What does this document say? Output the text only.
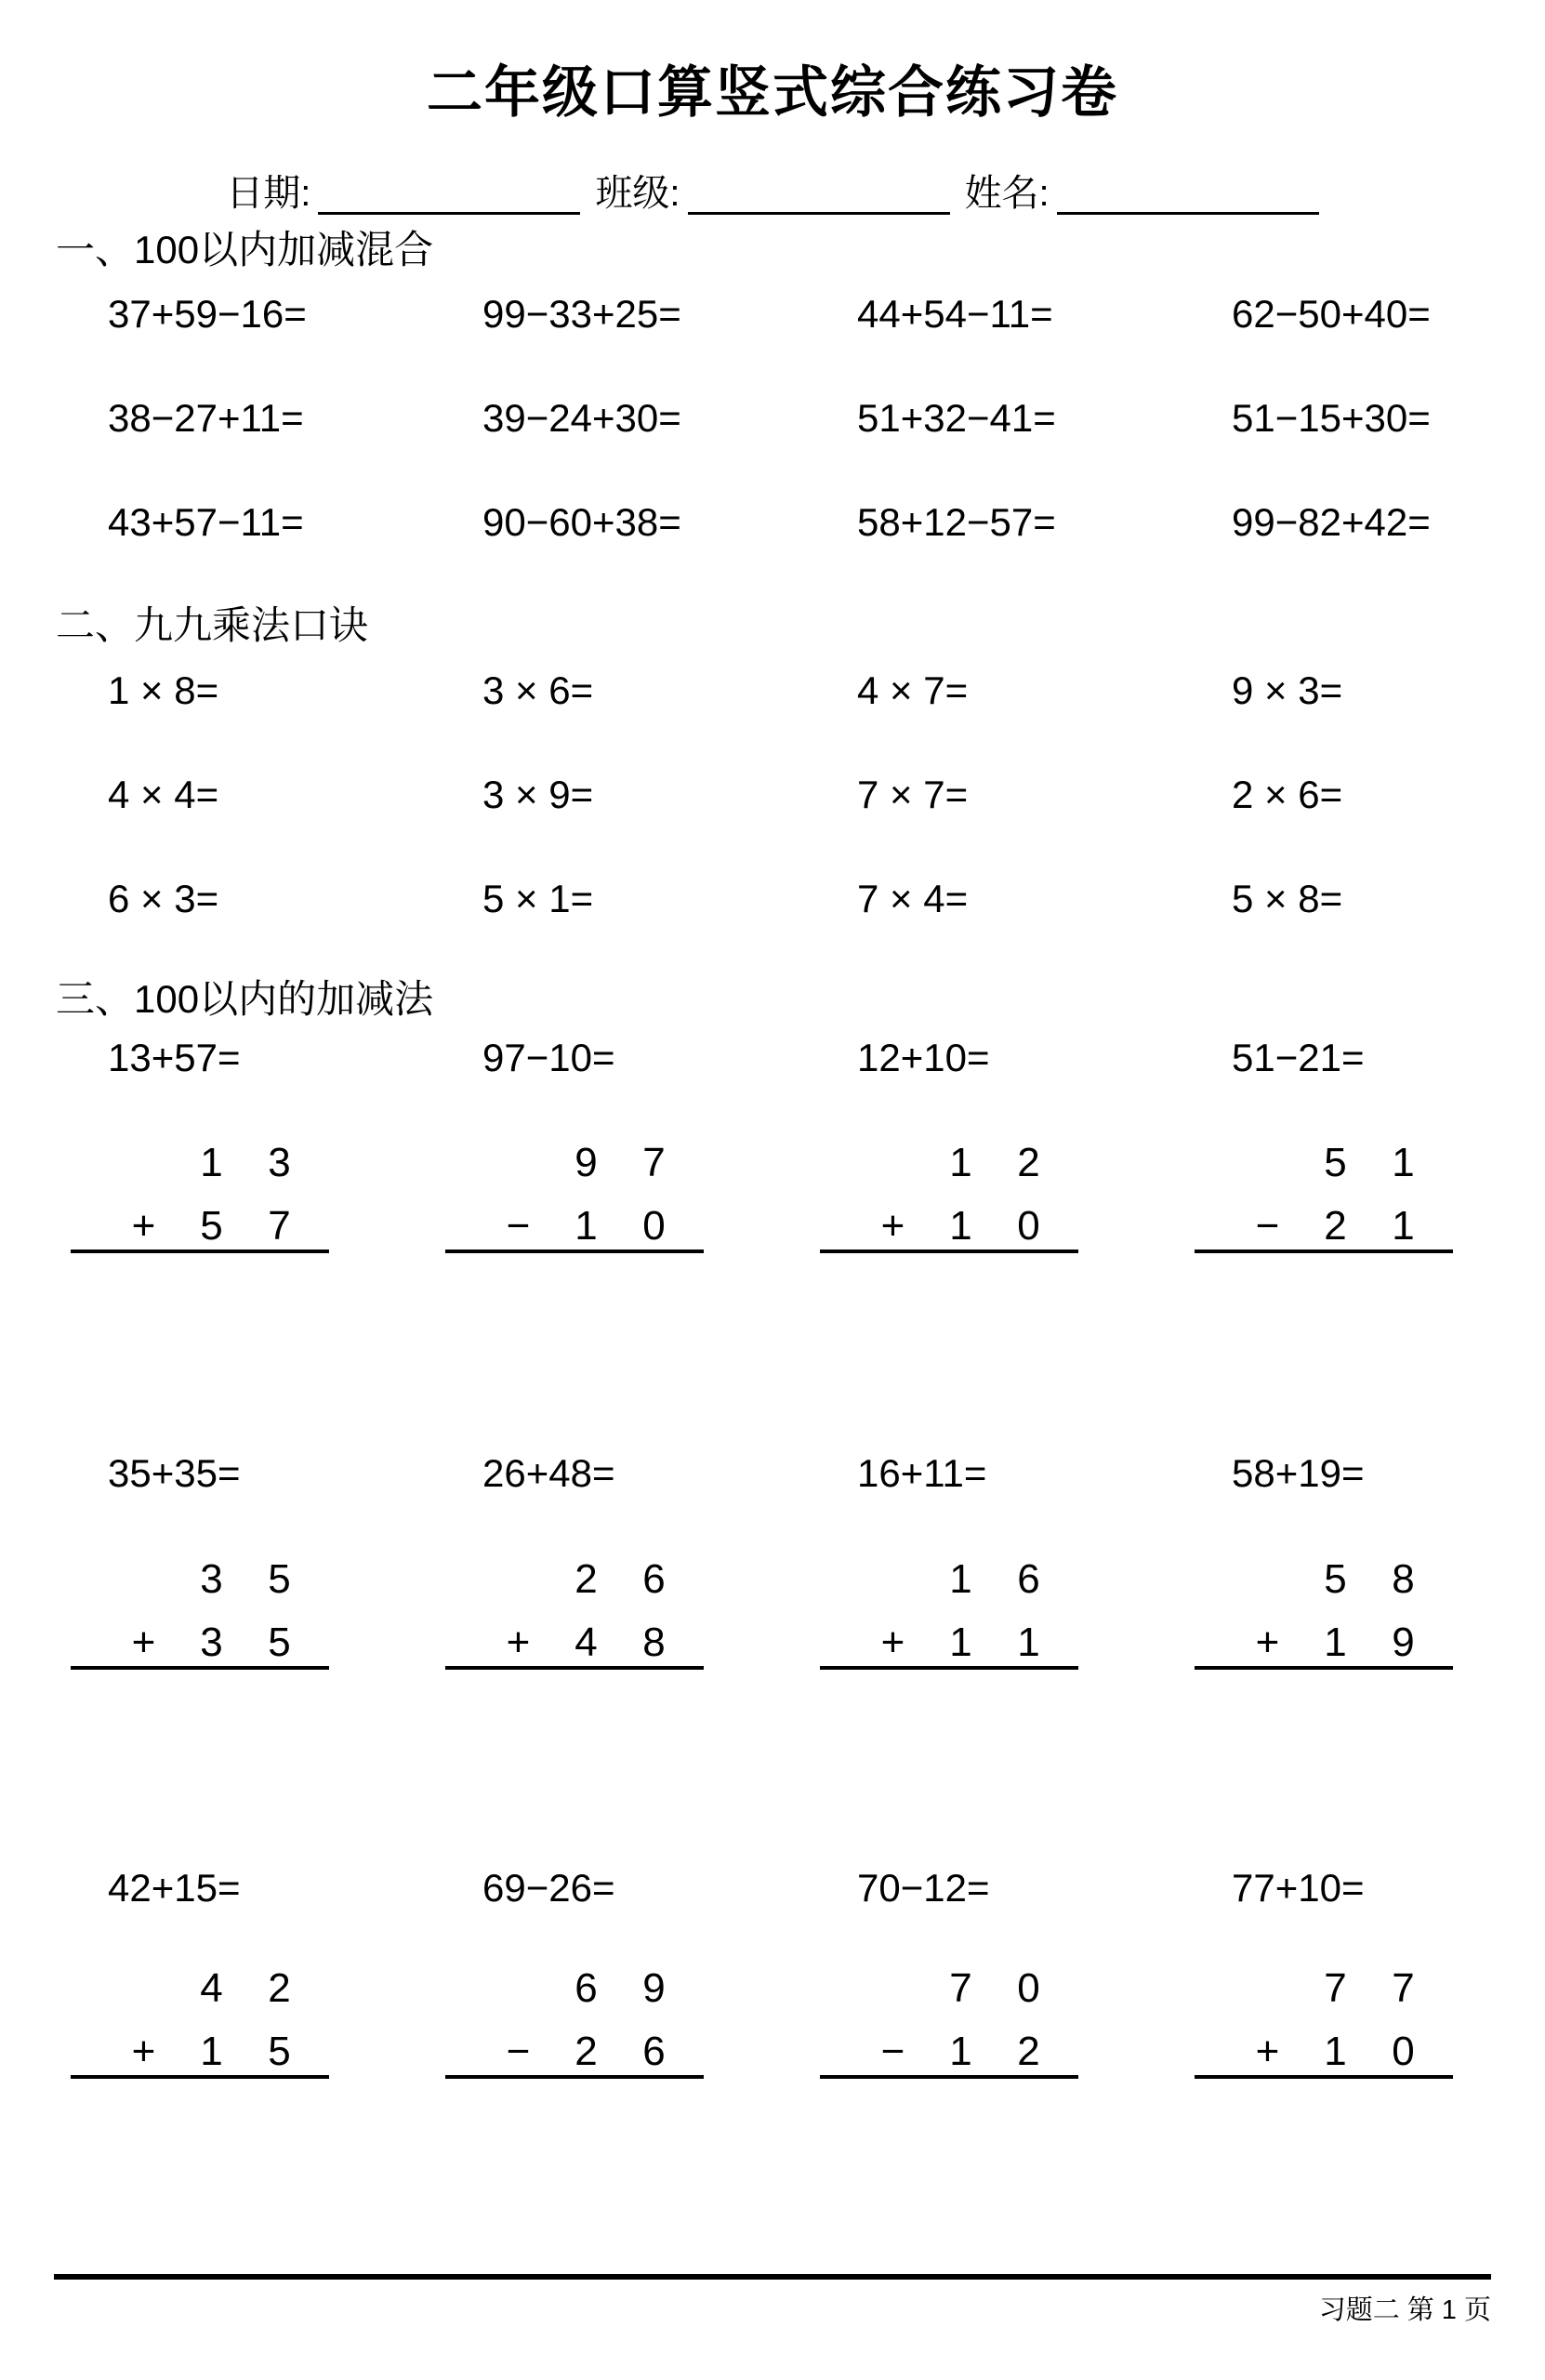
二年级口算竖式综合练习卷
日期:	班级:	姓名:
一、100以内加减混合
37+59−16=	99−33+25=	44+54−11=	62−50+40=
38−27+11=	39−24+30=	51+32−41=	51−15+30=
43+57−11=	90−60+38=	58+12−57=	99−82+42=
二、九九乘法口诀
1 × 8=	3 × 6=	4 × 7=	9 × 3=
4 × 4=	3 × 9=	7 × 7=	2 × 6=
6 × 3=	5 × 1=	7 × 4=	5 × 8=
三、100以内的加减法
13+57=	97−10=	12+10=	51−21=
1	3
+	5	7
9	7
−	1	0
1	2
+	1	0
5	1
−	2	1
35+35=	26+48=	16+11=	58+19=
3	5
+	3	5
2	6
+	4	8
1	6
+	1	1
5	8
+	1	9
42+15=	69−26=	70−12=	77+10=
4	2
+	1	5
6	9
−	2	6
7	0
−	1	2
7	7
+	1	0
习题二 第 1 页
